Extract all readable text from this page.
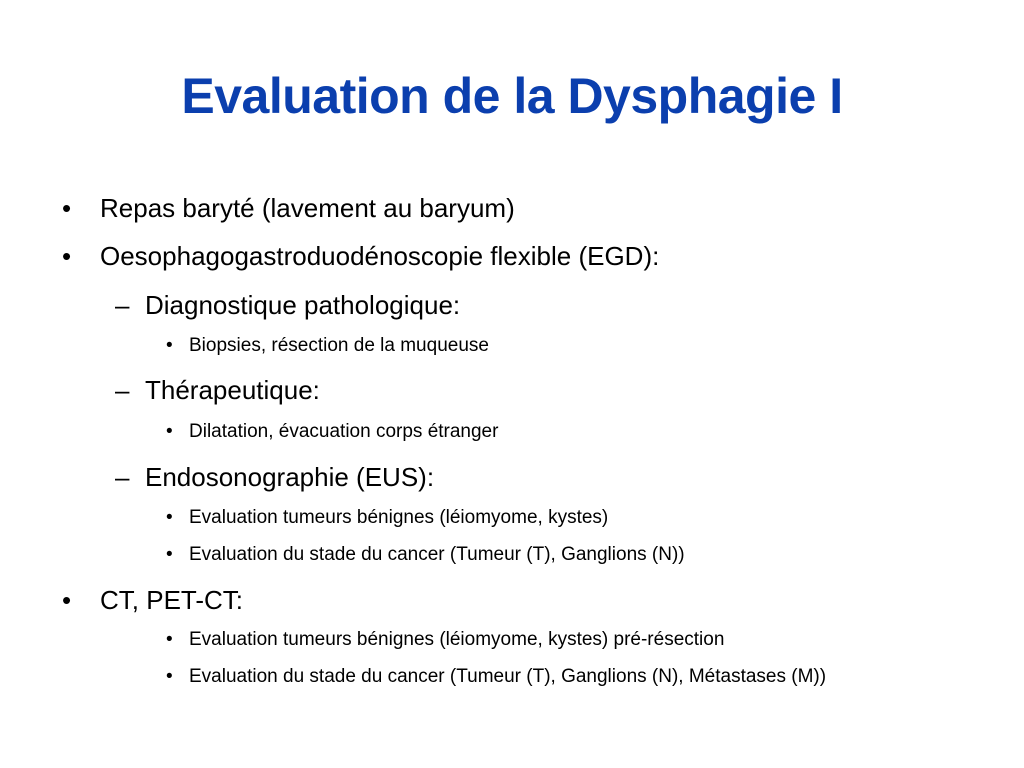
Evaluation de la Dysphagie I
• Repas baryté (lavement au baryum)
• Oesophagogastroduodénoscopie flexible (EGD):
– Diagnostique pathologique:
• Biopsies, résection de la muqueuse
– Thérapeutique:
• Dilatation, évacuation corps étranger
– Endosonographie (EUS):
• Evaluation tumeurs bénignes (léiomyome, kystes)
• Evaluation du stade du cancer (Tumeur (T), Ganglions (N))
• CT, PET-CT:
• Evaluation tumeurs bénignes (léiomyome, kystes) pré-résection
• Evaluation du stade du cancer (Tumeur (T), Ganglions (N), Métastases (M))
